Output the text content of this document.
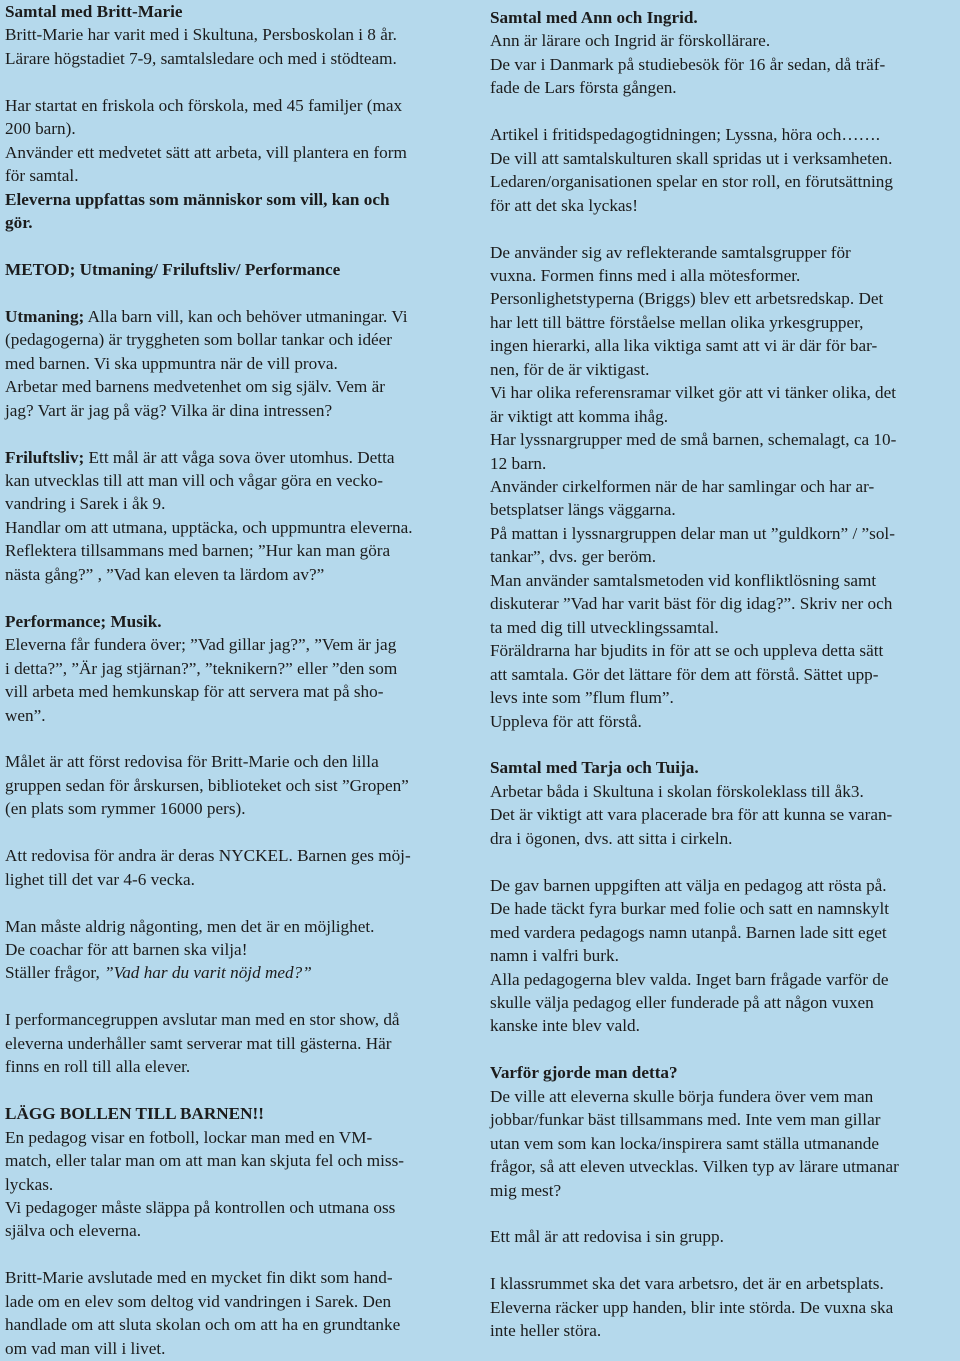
Samtal med Britt-Marie

Britt-Marie har varit med i Skultuna, Persboskolan i 8 år.
Lärare högstadiet 7-9, samtalsledare och med i stödteam.

Har startat en friskola och förskola, med 45 familjer (max
200 barn).
Använder ett medvetet sätt att arbeta, vill plantera en form
för samtal.

Eleverna uppfattas som människor som vill, kan och
gör.

METOD; Utmaning/ Friluftsliv/ Performance

Utmaning; Alla barn vill, kan och behöver utmaningar. Vi
(pedagogerna) är tryggheten som bollar tankar och idéer
med barnen. Vi ska uppmuntra när de vill prova.
Arbetar med barnens medvetenhet om sig själv. Vem är
jag? Vart är jag på väg? Vilka är dina intressen?

Friluftsliv; Ett mål är att våga sova över utomhus. Detta
kan utvecklas till att man vill och vågar göra en vecko-
vandring i Sarek i åk 9.
Handlar om att utmana, upptäcka, och uppmuntra eleverna.
Reflektera tillsammans med barnen; ”Hur kan man göra
nästa gång?” , ”Vad kan eleven ta lärdom av?”

Performance; Musik.

Eleverna får fundera över; ”Vad gillar jag?”, ”Vem är jag
i detta?”, ”Är jag stjärnan?”, ”teknikern?” eller ”den som
vill arbeta med hemkunskap för att servera mat på sho-
wen”.

Målet är att först redovisa för Britt-Marie och den lilla
gruppen sedan för årskursen, biblioteket och sist ”Gropen”
(en plats som rymmer 16000 pers).

Att redovisa för andra är deras NYCKEL. Barnen ges möj-
lighet till det var 4-6 vecka.

Man måste aldrig någonting, men det är en möjlighet.
De coachar för att barnen ska vilja!

Ställer frågor, ”Vad har du varit nöjd med?”

I performancegruppen avslutar man med en stor show, då
eleverna underhåller samt serverar mat till gästerna. Här
finns en roll till alla elever.

LÄGG BOLLEN TILL BARNEN!!

En pedagog visar en fotboll, lockar man med en VM-
match, eller talar man om att man kan skjuta fel och miss-
lyckas.
Vi pedagoger måste släppa på kontrollen och utmana oss
själva och eleverna.

Britt-Marie avslutade med en mycket fin dikt som hand-
lade om en elev som deltog vid vandringen i Sarek. Den
handlade om att sluta skolan och om att ha en grundtanke
om vad man vill i livet.

Samtal med Ann och Ingrid.

Ann är lärare och Ingrid är förskollärare.
De var i Danmark på studiebesök för 16 år sedan, då träf-
fade de Lars första gången.

Artikel i fritidspedagogtidningen; Lyssna, höra och…….
De vill att samtalskulturen skall spridas ut i verksamheten.
Ledaren/organisationen spelar en stor roll, en förutsättning
för att det ska lyckas!

De använder sig av reflekterande samtalsgrupper för
vuxna. Formen finns med i alla mötesformer.
Personlighetstyperna (Briggs) blev ett arbetsredskap. Det
har lett till bättre förståelse mellan olika yrkesgrupper,
ingen hierarki, alla lika viktiga samt att vi är där för bar-
nen, för de är viktigast.
Vi har olika referensramar vilket gör att vi tänker olika, det
är viktigt att komma ihåg.
Har lyssnargrupper med de små barnen, schemalagt, ca 10-
12 barn.
Använder cirkelformen när de har samlingar och har ar-
betsplatser längs väggarna.
På mattan i lyssnargruppen delar man ut ”guldkorn” / ”sol-
tankar”, dvs. ger beröm.
Man använder samtalsmetoden vid konfliktlösning samt
diskuterar ”Vad har varit bäst för dig idag?”. Skriv ner och
ta med dig till utvecklingssamtal.
Föräldrarna har bjudits in för att se och uppleva detta sätt
att samtala. Gör det lättare för dem att förstå. Sättet upp-
levs inte som ”flum flum”.
Uppleva för att förstå.

Samtal med Tarja och Tuija.

Arbetar båda i Skultuna i skolan förskoleklass till åk3.
Det är viktigt att vara placerade bra för att kunna se varan-
dra i ögonen, dvs. att sitta i cirkeln.

De gav barnen uppgiften att välja en pedagog att rösta på.
De hade täckt fyra burkar med folie och satt en namnskylt
med vardera pedagogs namn utanpå. Barnen lade sitt eget
namn i valfri burk.
Alla pedagogerna blev valda. Inget barn frågade varför de
skulle välja pedagog eller funderade på att någon vuxen
kanske inte blev vald.

Varför gjorde man detta?

De ville att eleverna skulle börja fundera över vem man
jobbar/funkar bäst tillsammans med. Inte vem man gillar
utan vem som kan locka/inspirera samt ställa utmanande
frågor, så att eleven utvecklas. Vilken typ av lärare utmanar
mig mest?

Ett mål är att redovisa i sin grupp.

I klassrummet ska det vara arbetsro, det är en arbetsplats.
Eleverna räcker upp handen, blir inte störda. De vuxna ska
inte heller störa.
